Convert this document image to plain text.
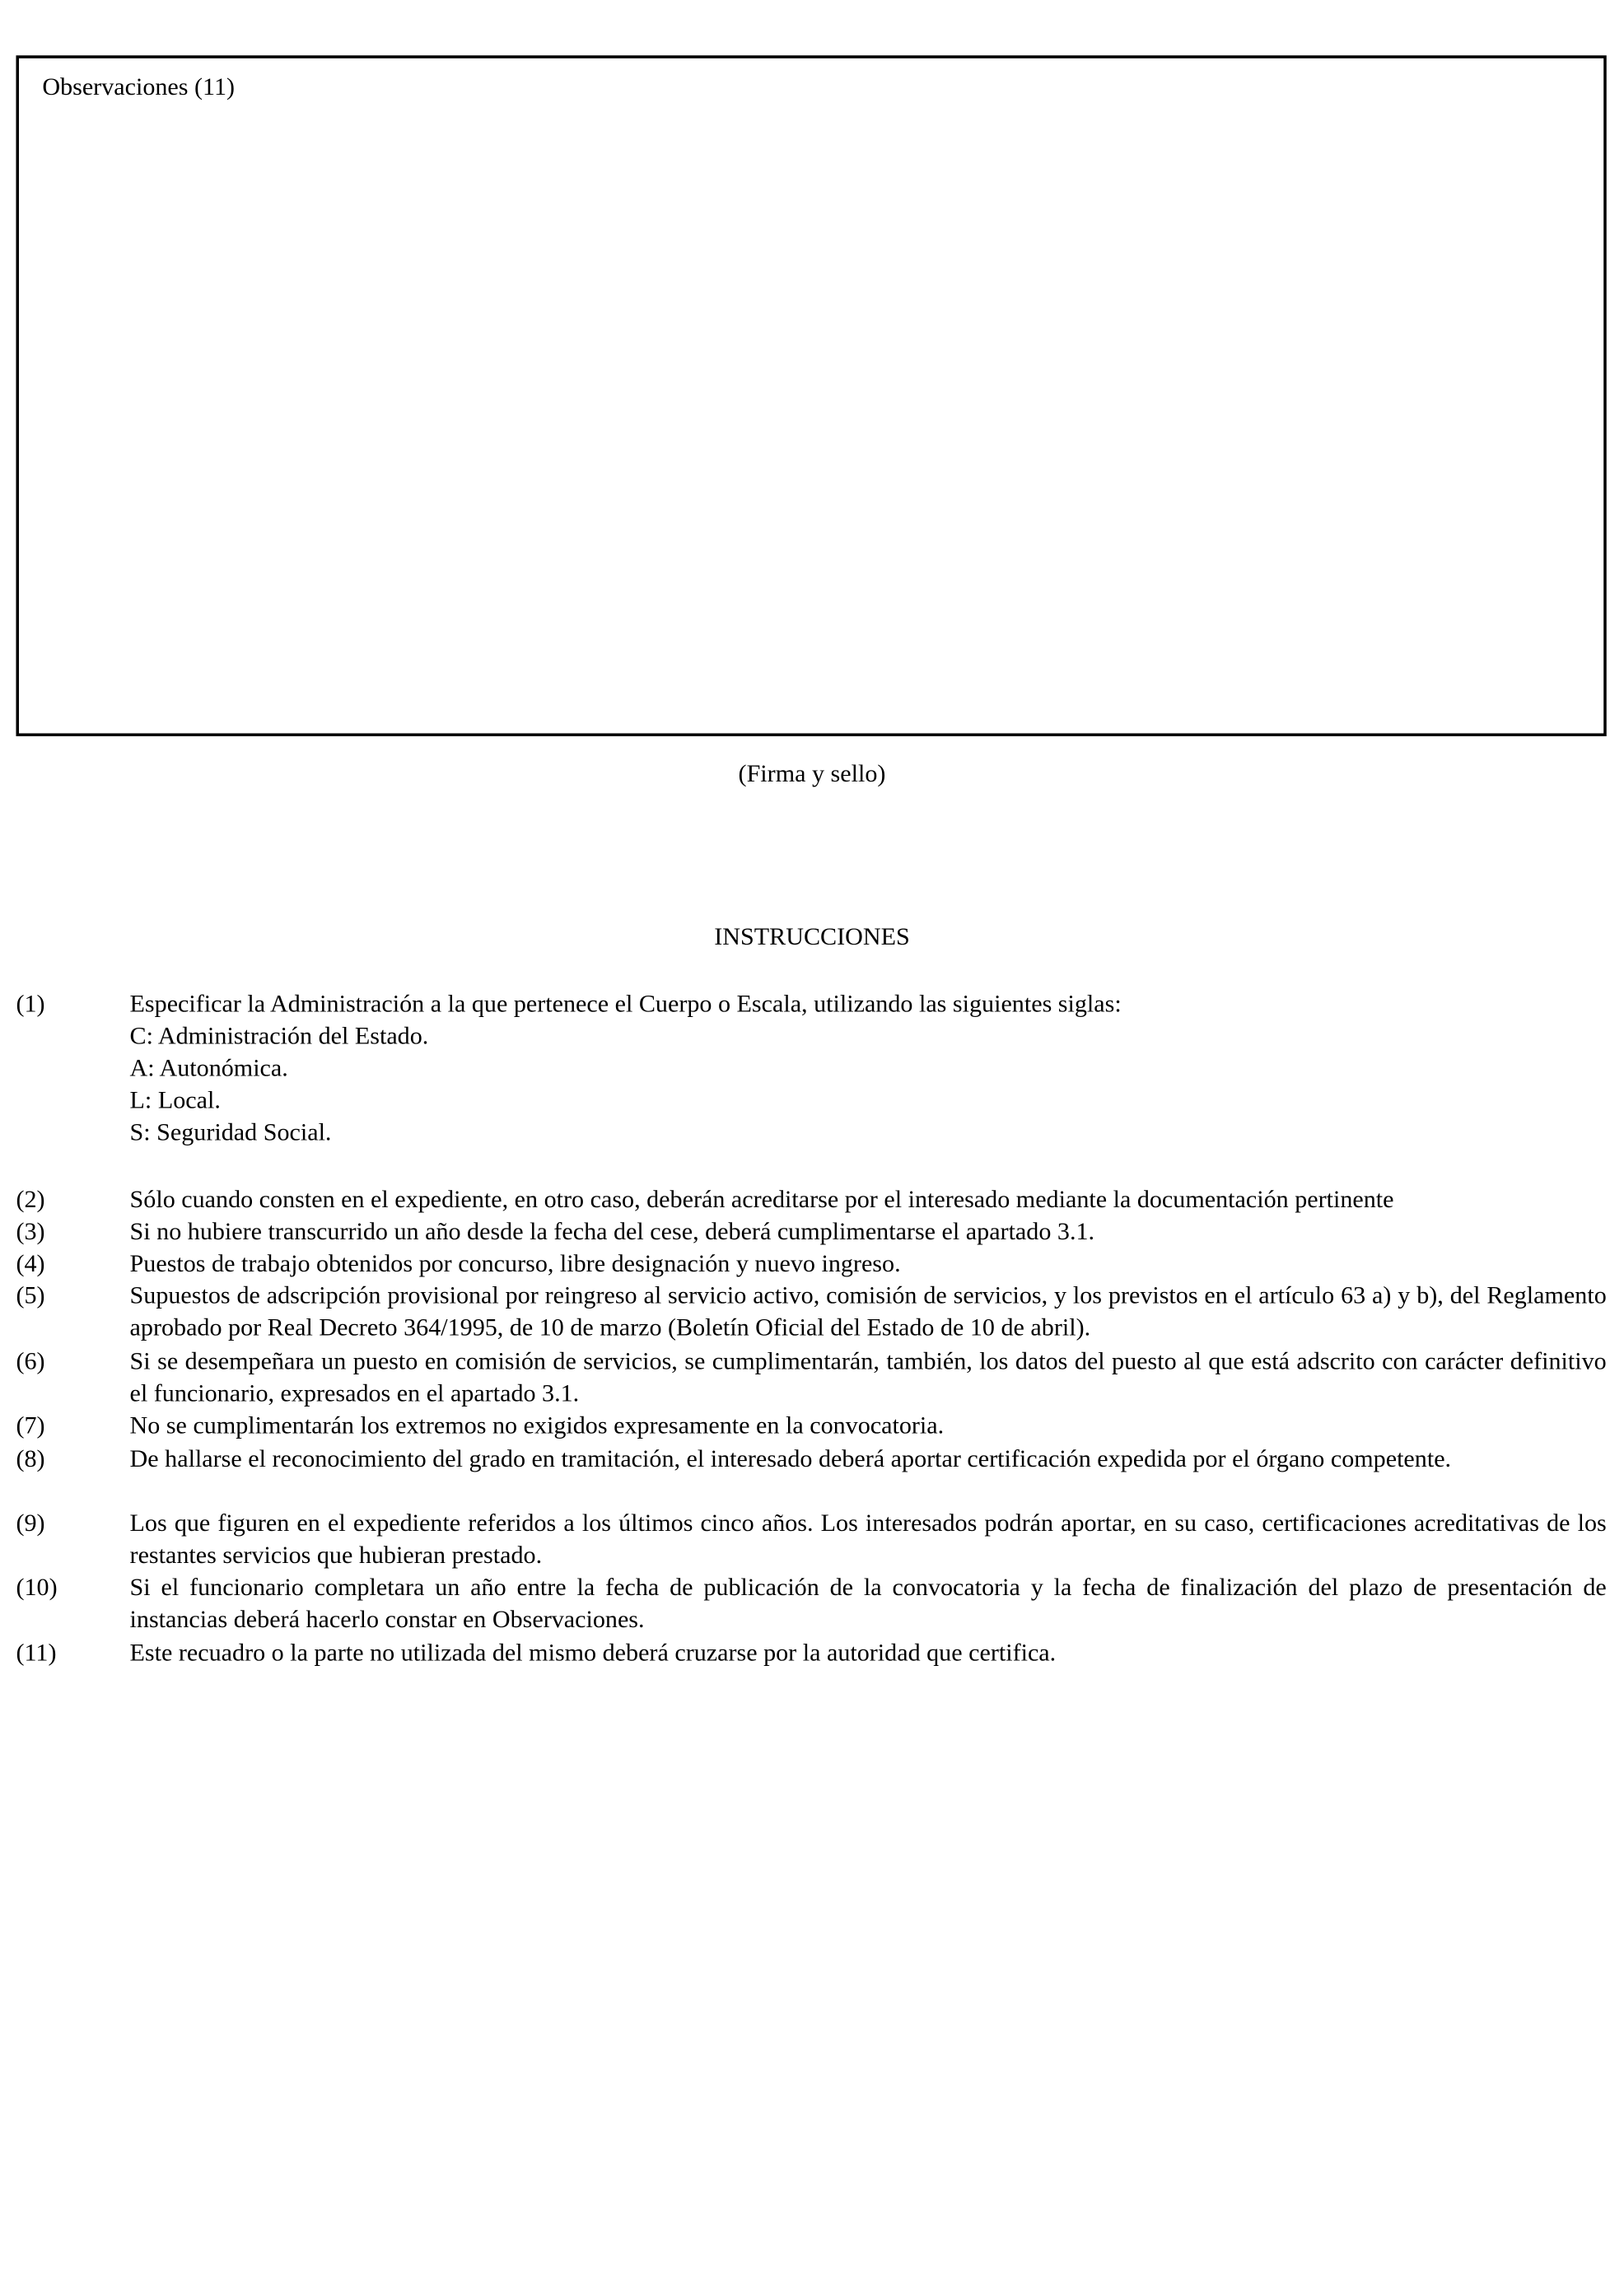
Observaciones (11)
(Firma y sello)
INSTRUCCIONES
(1)	Especificar la Administración a la que pertenece el Cuerpo o Escala, utilizando las siguientes siglas:
C: Administración del Estado.
A: Autonómica.
L: Local.
S: Seguridad Social.
(2)	Sólo cuando consten en el expediente, en otro caso, deberán acreditarse por el interesado mediante la documentación pertinente
(3)	Si no hubiere transcurrido un año desde la fecha del cese, deberá cumplimentarse el apartado 3.1.
(4)	Puestos de trabajo obtenidos por concurso, libre designación y nuevo ingreso.
(5)	Supuestos de adscripción provisional por reingreso al servicio activo, comisión de servicios, y los previstos en el artículo 63 a) y b), del Reglamento aprobado por Real Decreto 364/1995, de 10 de marzo (Boletín Oficial del Estado de 10 de abril).
(6)	Si se desempeñara un puesto en comisión de servicios, se cumplimentarán, también, los datos del puesto al que está adscrito con carácter definitivo el funcionario, expresados en el apartado 3.1.
(7)	No se cumplimentarán los extremos no exigidos expresamente en la convocatoria.
(8)	De hallarse el reconocimiento del grado en tramitación, el interesado deberá aportar certificación expedida por el órgano competente.
(9)	Los que figuren en el expediente referidos a los últimos cinco años. Los interesados podrán aportar, en su caso, certificaciones acreditativas de los restantes servicios que hubieran prestado.
(10)	Si el funcionario completara un año entre la fecha de publicación de la convocatoria y la fecha de finalización del plazo de presentación de instancias deberá hacerlo constar en Observaciones.
(11)	Este recuadro o la parte no utilizada del mismo deberá cruzarse por la autoridad que certifica.
